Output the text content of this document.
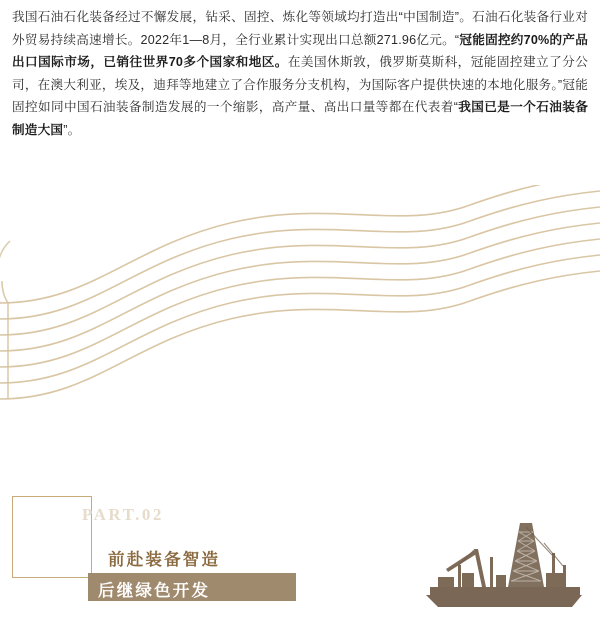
我国石油石化装备经过不懈发展，钻采、固控、炼化等领域均打造出“中国制造”。石油石化装备行业对外贸易持续高速增长。2022年1—8月，全行业累计实现出口总额271.96亿元。“冠能固控约70%的产品出口国际市场，已销往世界70多个国家和地区。在美国休斯敦，俄罗斯莫斯科，冠能固控建立了分公司，在澳大利亚，埃及，迪拜等地建立了合作服务分支机构，为国际客户提供快速的本地化服务。”冠能固控如同中国石油装备制造发展的一个缩影，高产量、高出口量等都在代表着“我国已是一个石油装备制造大国”。
PART.02
前赴装备智造
后继绿色开发
